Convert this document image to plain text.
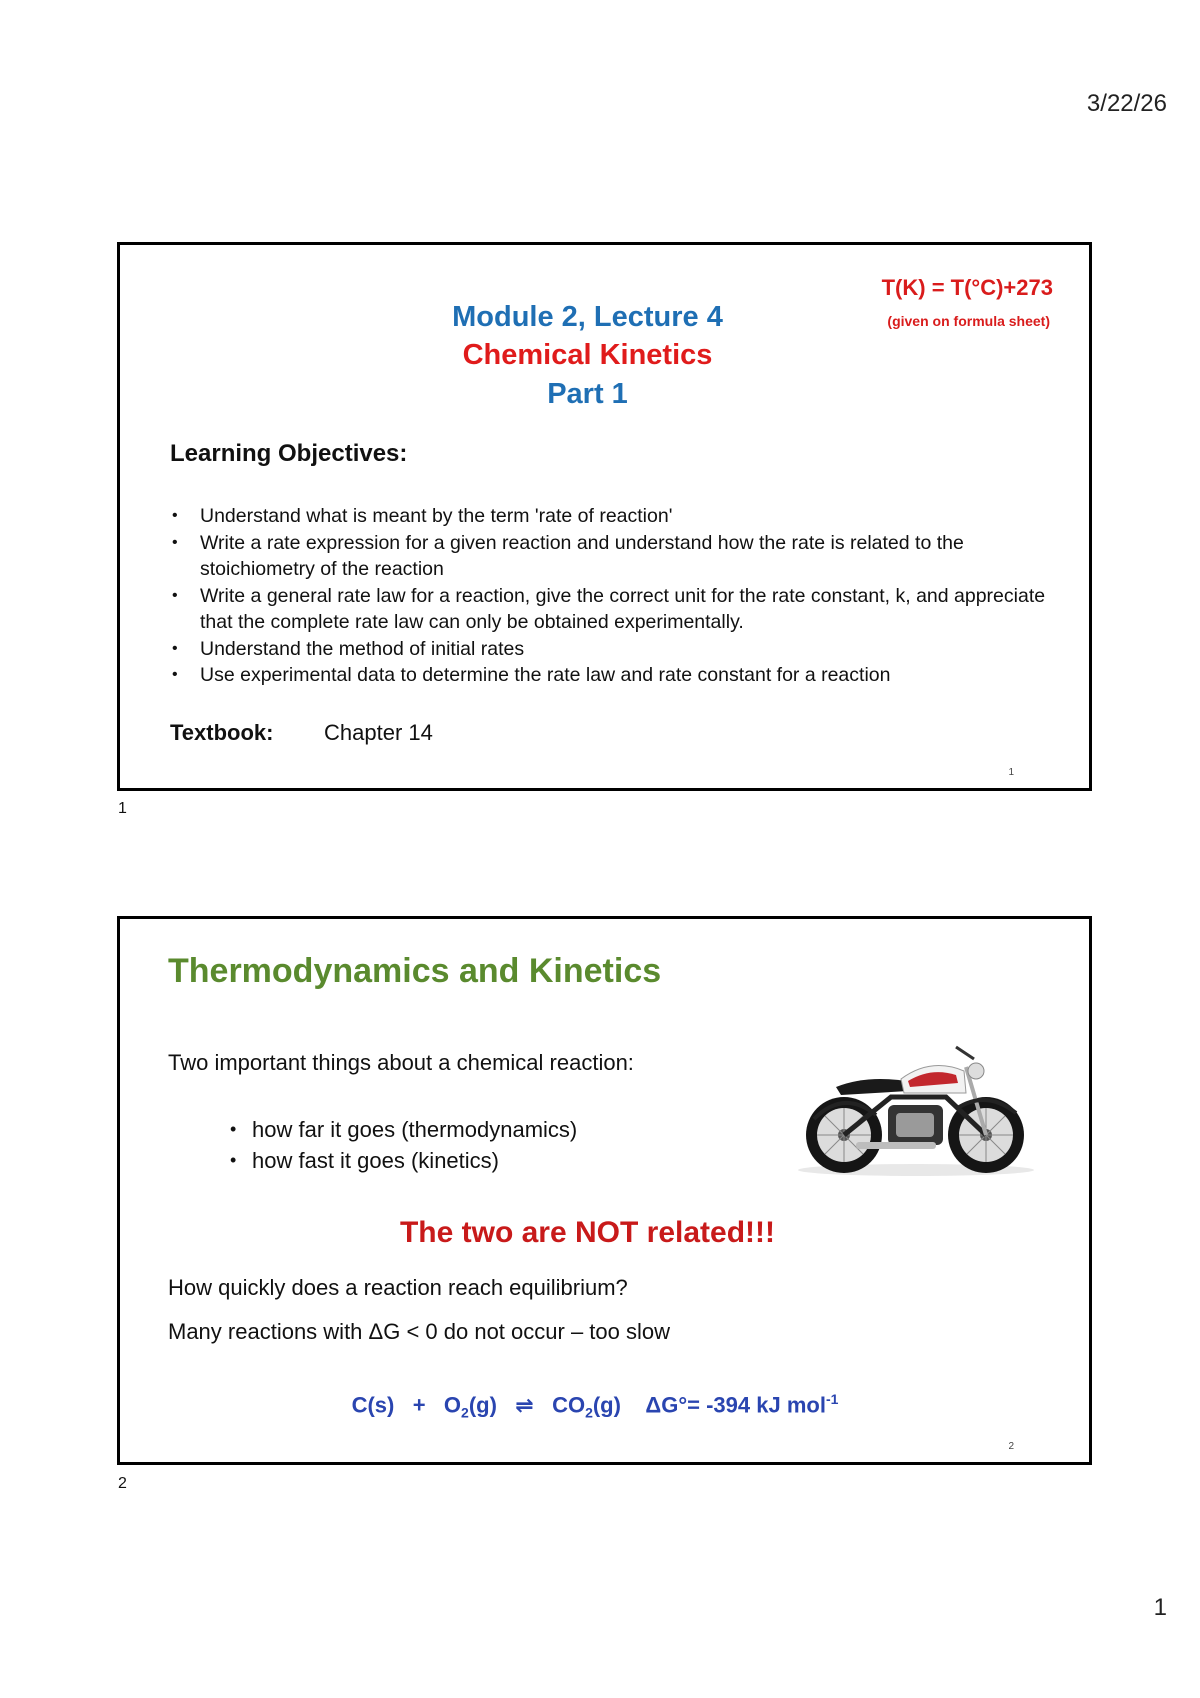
3/22/26
Module 2, Lecture 4
Chemical Kinetics
Part 1
T(K) = T(°C)+273
(given on formula sheet)
Learning Objectives:
• Understand what is meant by the term 'rate of reaction'
• Write a rate expression for a given reaction and understand how the rate is related to the stoichiometry of the reaction
• Write a general rate law for a reaction, give the correct unit for the rate constant, k, and appreciate that the complete rate law can only be obtained experimentally.
• Understand the method of initial rates
• Use experimental data to determine the rate law and rate constant for a reaction
Textbook: Chapter 14
1
1
Thermodynamics and Kinetics
Two important things about a chemical reaction:
• how far it goes (thermodynamics)
• how fast it goes (kinetics)
The two are NOT related!!!
How quickly does a reaction reach equilibrium?
Many reactions with ΔG < 0 do not occur – too slow
$C(s) + O_2(g)$ ⇌ $CO_2(g)$ ΔG°= -394 kJ mol$^{-1}$
2
2
1
